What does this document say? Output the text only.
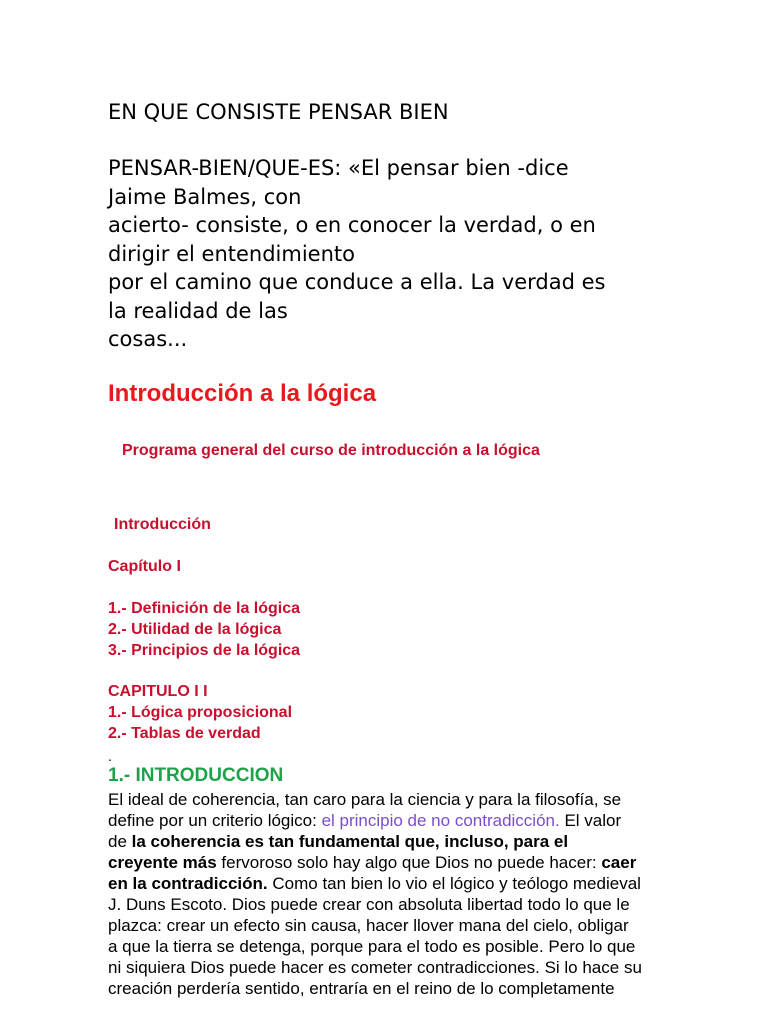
EN QUE CONSISTE PENSAR BIEN
PENSAR-BIEN/QUE-ES: «El pensar bien -dice
Jaime Balmes, con
acierto- consiste, o en conocer la verdad, o en
dirigir el entendimiento
por el camino que conduce a ella. La verdad es
la realidad de las
cosas...
Introducción a la lógica
Programa general del curso de introducción a la lógica
Introducción
Capítulo I
1.- Definición de la lógica
2.- Utilidad de la lógica
3.- Principios de la lógica
CAPITULO I I
1.- Lógica proposicional
2.- Tablas de verdad
.
1.- INTRODUCCION
El ideal de coherencia, tan caro para la ciencia y para la filosofía, se
define por un criterio lógico: el principio de no contradicción. El valor
de la coherencia es tan fundamental que, incluso, para el
creyente más fervoroso solo hay algo que Dios no puede hacer: caer
en la contradicción. Como tan bien lo vio el lógico y teólogo medieval
J. Duns Escoto. Dios puede crear con absoluta libertad todo lo que le
plazca: crear un efecto sin causa, hacer llover mana del cielo, obligar
a que la tierra se detenga, porque para el todo es posible. Pero lo que
ni siquiera Dios puede hacer es cometer contradicciones. Si lo hace su
creación perdería sentido, entraría en el reino de lo completamente
